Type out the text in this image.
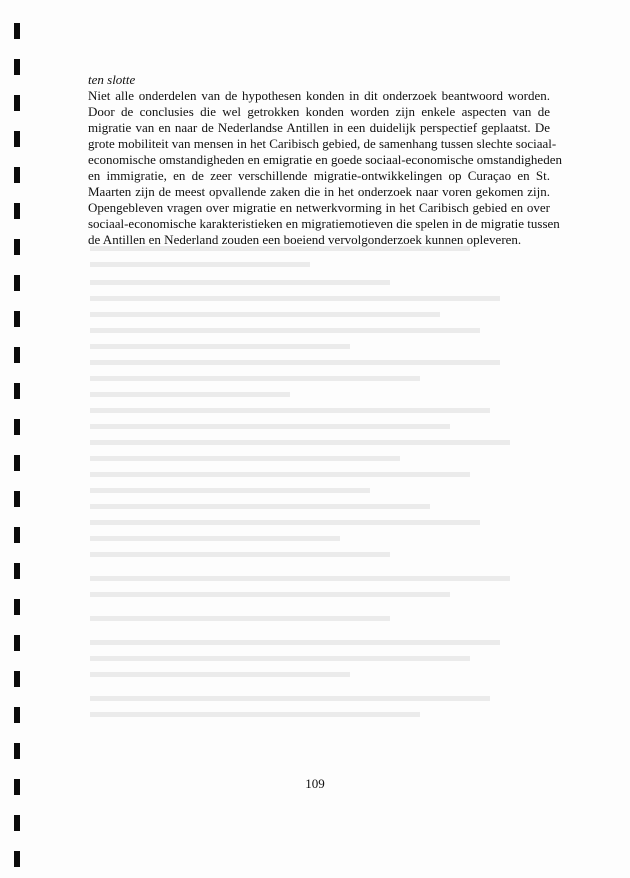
ten slotte

Niet alle onderdelen van de hypothesen konden in dit onderzoek beantwoord worden.
Door de conclusies die wel getrokken konden worden zijn enkele aspecten van de
migratie van en naar de Nederlandse Antillen in een duidelijk perspectief geplaatst. De
grote mobiliteit van mensen in het Caribisch gebied, de samenhang tussen slechte sociaal-
economische omstandigheden en emigratie en goede sociaal-economische omstandigheden
en immigratie, en de zeer verschillende migratie-ontwikkelingen op Curaçao en St.
Maarten zijn de meest opvallende zaken die in het onderzoek naar voren gekomen zijn.
Opengebleven vragen over migratie en netwerkvorming in het Caribisch gebied en over
sociaal-economische karakteristieken en migratiemotieven die spelen in de migratie tussen
de Antillen en Nederland zouden een boeiend vervolgonderzoek kunnen opleveren.
109
